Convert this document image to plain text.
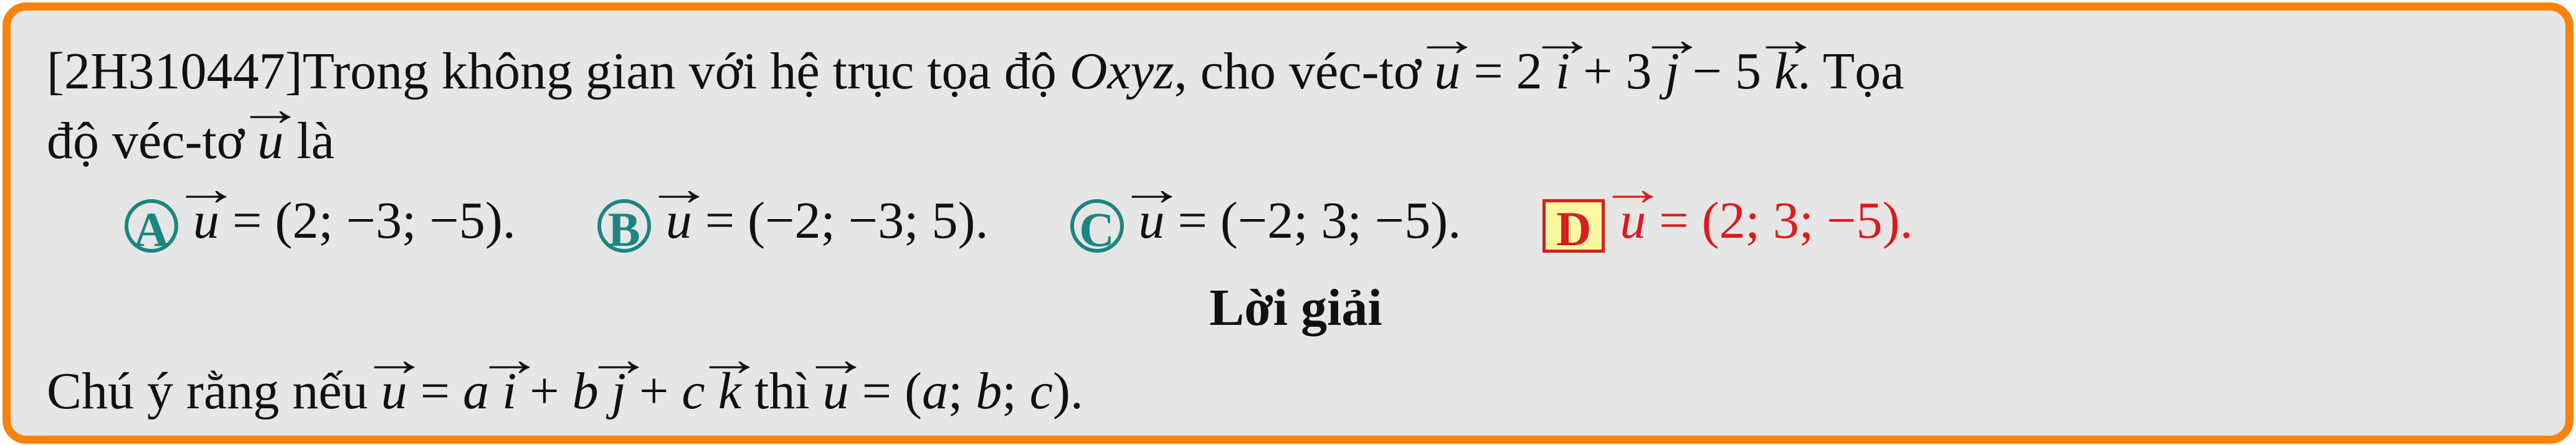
[2H310447]Trong không gian với hệ trục tọa độ Oxyz, cho véc-tơ → u = 2 → i + 3 → j − 5 → k. Tọa
độ véc-tơ → u là
A → u = (2; −3; −5). B → u = (−2; −3; 5). C → u = (−2; 3; −5). D → u = (2; 3; −5).
Lời giải
Chú ý rằng nếu → u = a → i + b → j + c → k thì → u = (a; b; c).
